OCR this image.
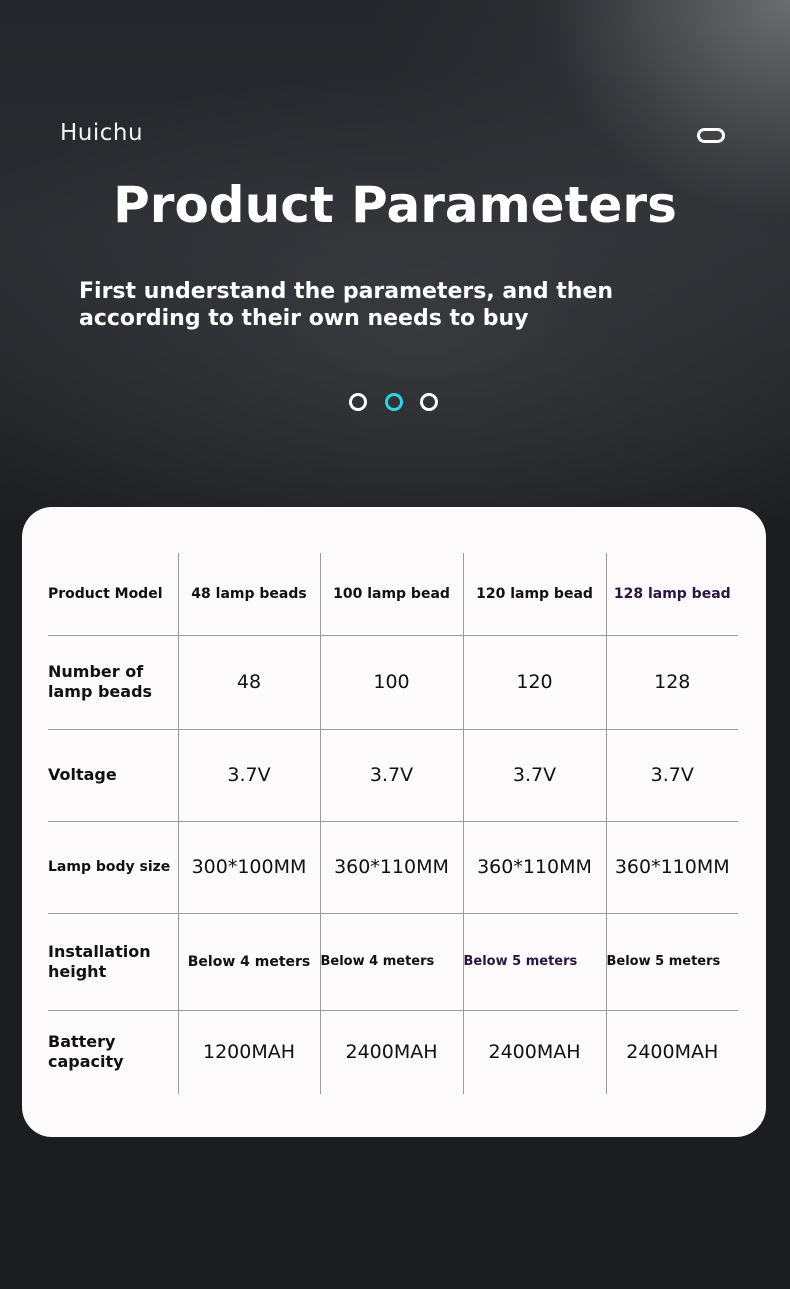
Huichu
Product Parameters
First understand the parameters, and then according to their own needs to buy
Product Model	48 lamp beads	100 lamp bead	120 lamp bead	128 lamp bead
Number of lamp beads	48	100	120	128
Voltage	3.7V	3.7V	3.7V	3.7V
Lamp body size	300*100MM	360*110MM	360*110MM	360*110MM
Installation height	Below 4 meters	Below 4 meters	Below 5 meters	Below 5 meters
Battery capacity	1200MAH	2400MAH	2400MAH	2400MAH
